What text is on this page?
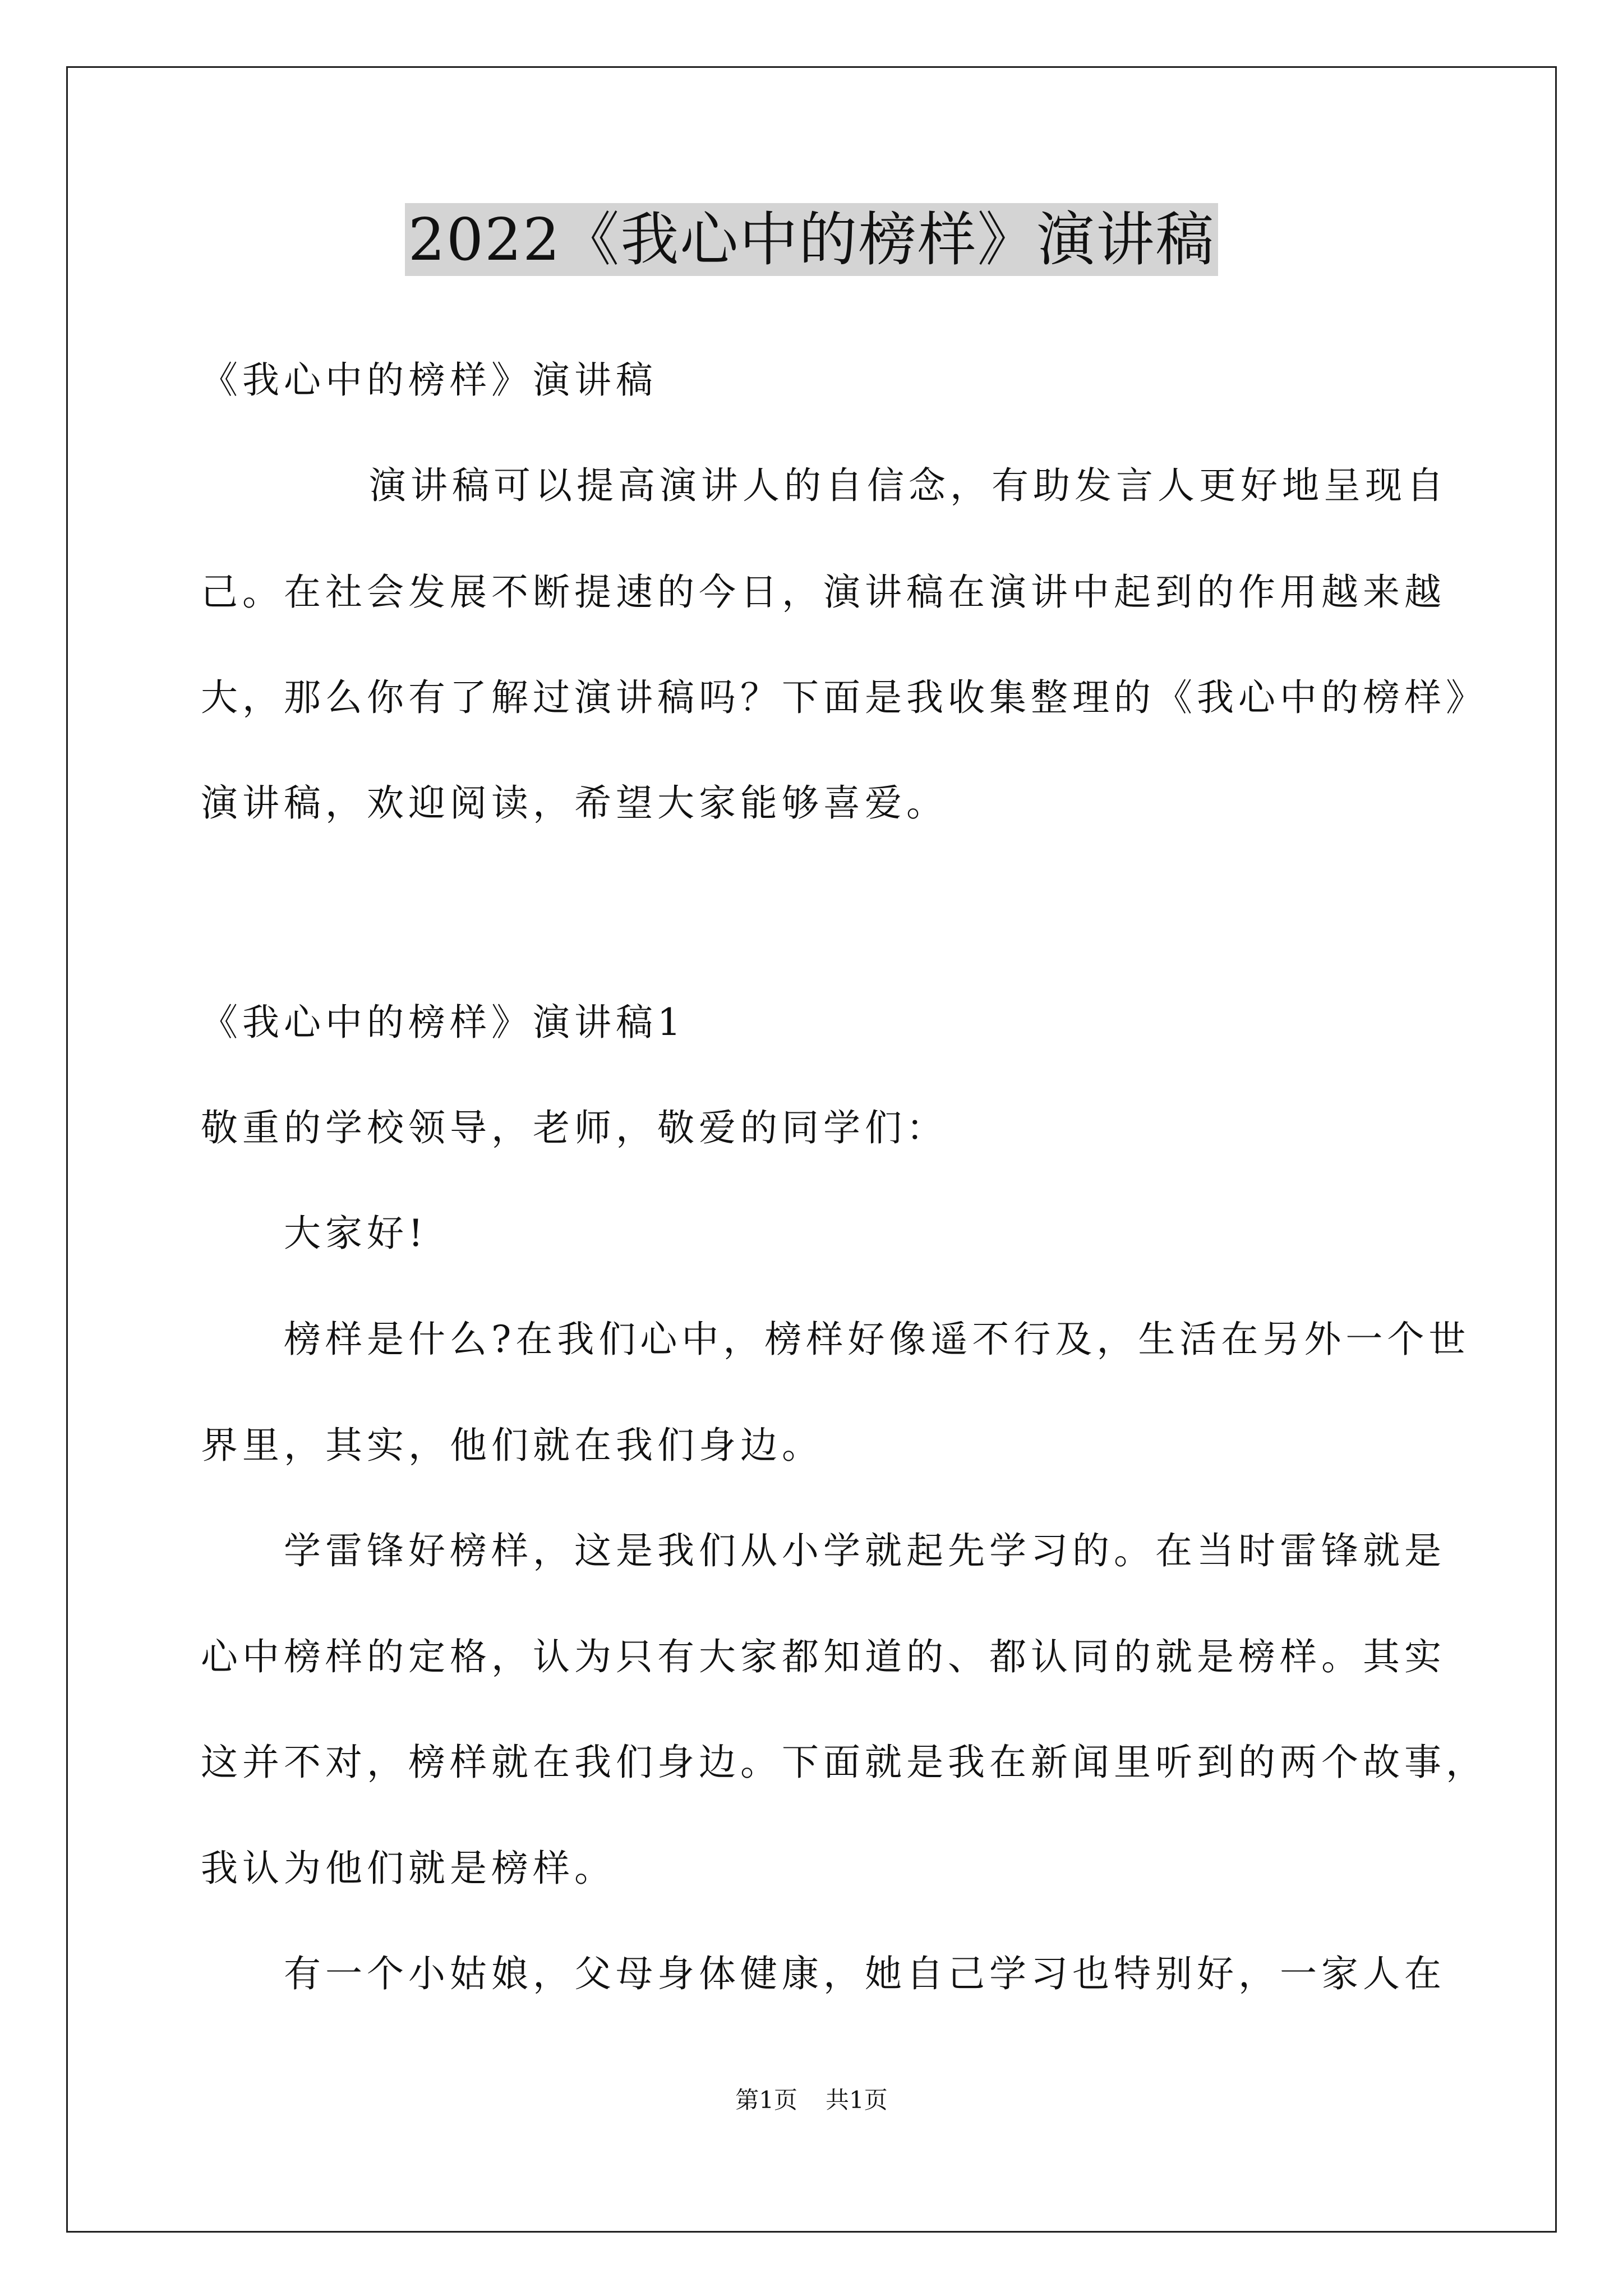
2022《我心中的榜样》演讲稿
《我心中的榜样》演讲稿
演讲稿可以提高演讲人的自信念，有助发言人更好地呈现自
己。在社会发展不断提速的今日，演讲稿在演讲中起到的作用越来越
大，那么你有了解过演讲稿吗？下面是我收集整理的《我心中的榜样》
演讲稿，欢迎阅读，希望大家能够喜爱。
《我心中的榜样》演讲稿1
敬重的学校领导，老师，敬爱的同学们：
大家好!
榜样是什么?在我们心中，榜样好像遥不行及，生活在另外一个世
界里，其实，他们就在我们身边。
学雷锋好榜样，这是我们从小学就起先学习的。在当时雷锋就是
心中榜样的定格，认为只有大家都知道的、都认同的就是榜样。其实
这并不对，榜样就在我们身边。下面就是我在新闻里听到的两个故事，
我认为他们就是榜样。
有一个小姑娘，父母身体健康，她自己学习也特别好，一家人在
第1页 共1页
